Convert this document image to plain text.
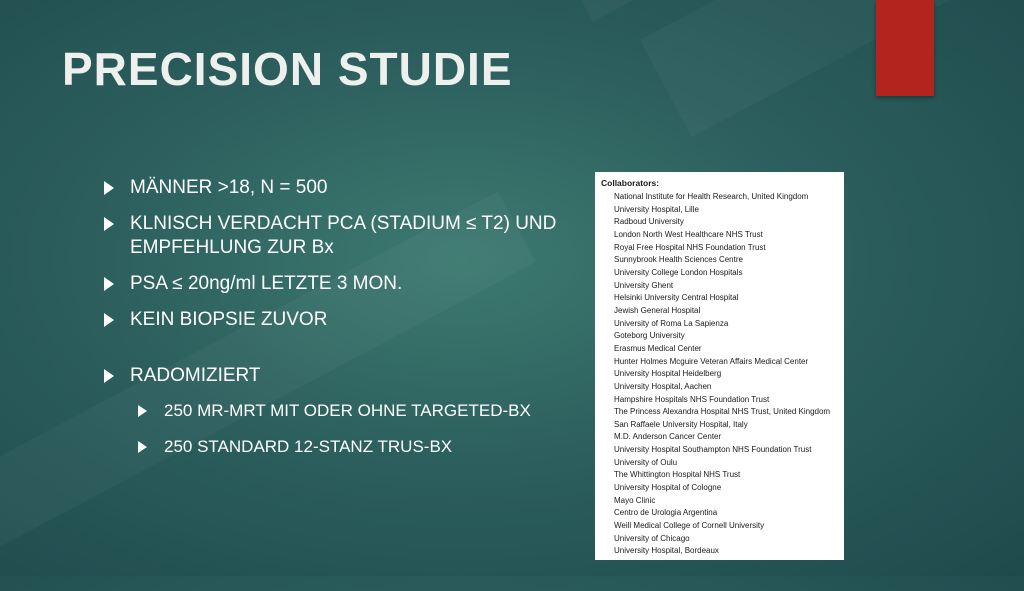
PRECISION STUDIE
MÄNNER >18, N = 500
KLNISCH VERDACHT PCA (STADIUM ≤ T2) UND EMPFEHLUNG ZUR Bx
PSA ≤ 20ng/ml LETZTE 3 MON.
KEIN BIOPSIE ZUVOR
RADOMIZIERT
250 MR-MRT MIT ODER OHNE TARGETED-BX
250 STANDARD 12-STANZ TRUS-BX
Collaborators:
National Institute for Health Research, United Kingdom
University Hospital, Lille
Radboud University
London North West Healthcare NHS Trust
Royal Free Hospital NHS Foundation Trust
Sunnybrook Health Sciences Centre
University College London Hospitals
University Ghent
Helsinki University Central Hospital
Jewish General Hospital
University of Roma La Sapienza
Goteborg University
Erasmus Medical Center
Hunter Holmes Mcguire Veteran Affairs Medical Center
University Hospital Heidelberg
University Hospital, Aachen
Hampshire Hospitals NHS Foundation Trust
The Princess Alexandra Hospital NHS Trust, United Kingdom
San Raffaele University Hospital, Italy
M.D. Anderson Cancer Center
University Hospital Southampton NHS Foundation Trust
University of Oulu
The Whittington Hospital NHS Trust
University Hospital of Cologne
Mayo Clinic
Centro de Urologia Argentina
Weill Medical College of Cornell University
University of Chicago
University Hospital, Bordeaux
